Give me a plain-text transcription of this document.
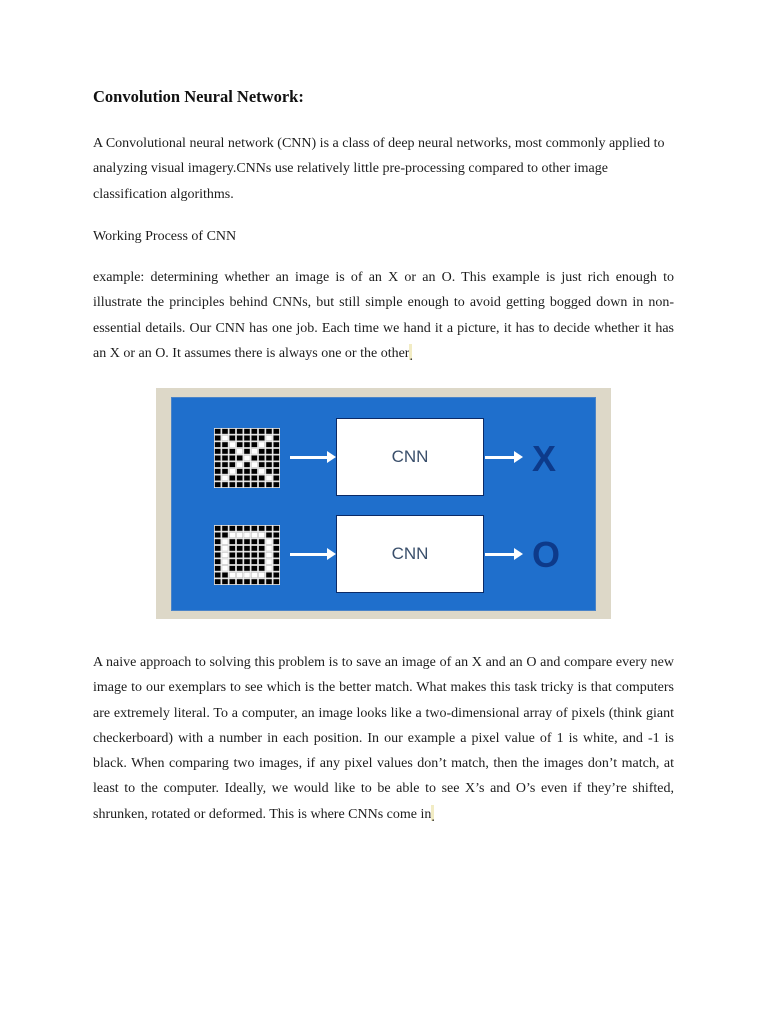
Convolution Neural Network:

A Convolutional neural network (CNN) is a class of deep neural networks, most commonly applied to analyzing visual imagery.CNNs use relatively little pre-processing compared to other image classification algorithms.

Working Process of CNN

example: determining whether an image is of an X or an O. This example is just rich enough to illustrate the principles behind CNNs, but still simple enough to avoid getting bogged down in non-essential details. Our CNN has one job. Each time we hand it a picture, it has to decide whether it has an X or an O. It assumes there is always one or the other.

CNN	X
CNN	O

A naive approach to solving this problem is to save an image of an X and an O and compare every new image to our exemplars to see which is the better match. What makes this task tricky is that computers are extremely literal. To a computer, an image looks like a two-dimensional array of pixels (think giant checkerboard) with a number in each position. In our example a pixel value of 1 is white, and -1 is black. When comparing two images, if any pixel values don’t match, then the images don’t match, at least to the computer. Ideally, we would like to be able to see X’s and O’s even if they’re shifted, shrunken, rotated or deformed. This is where CNNs come in.
